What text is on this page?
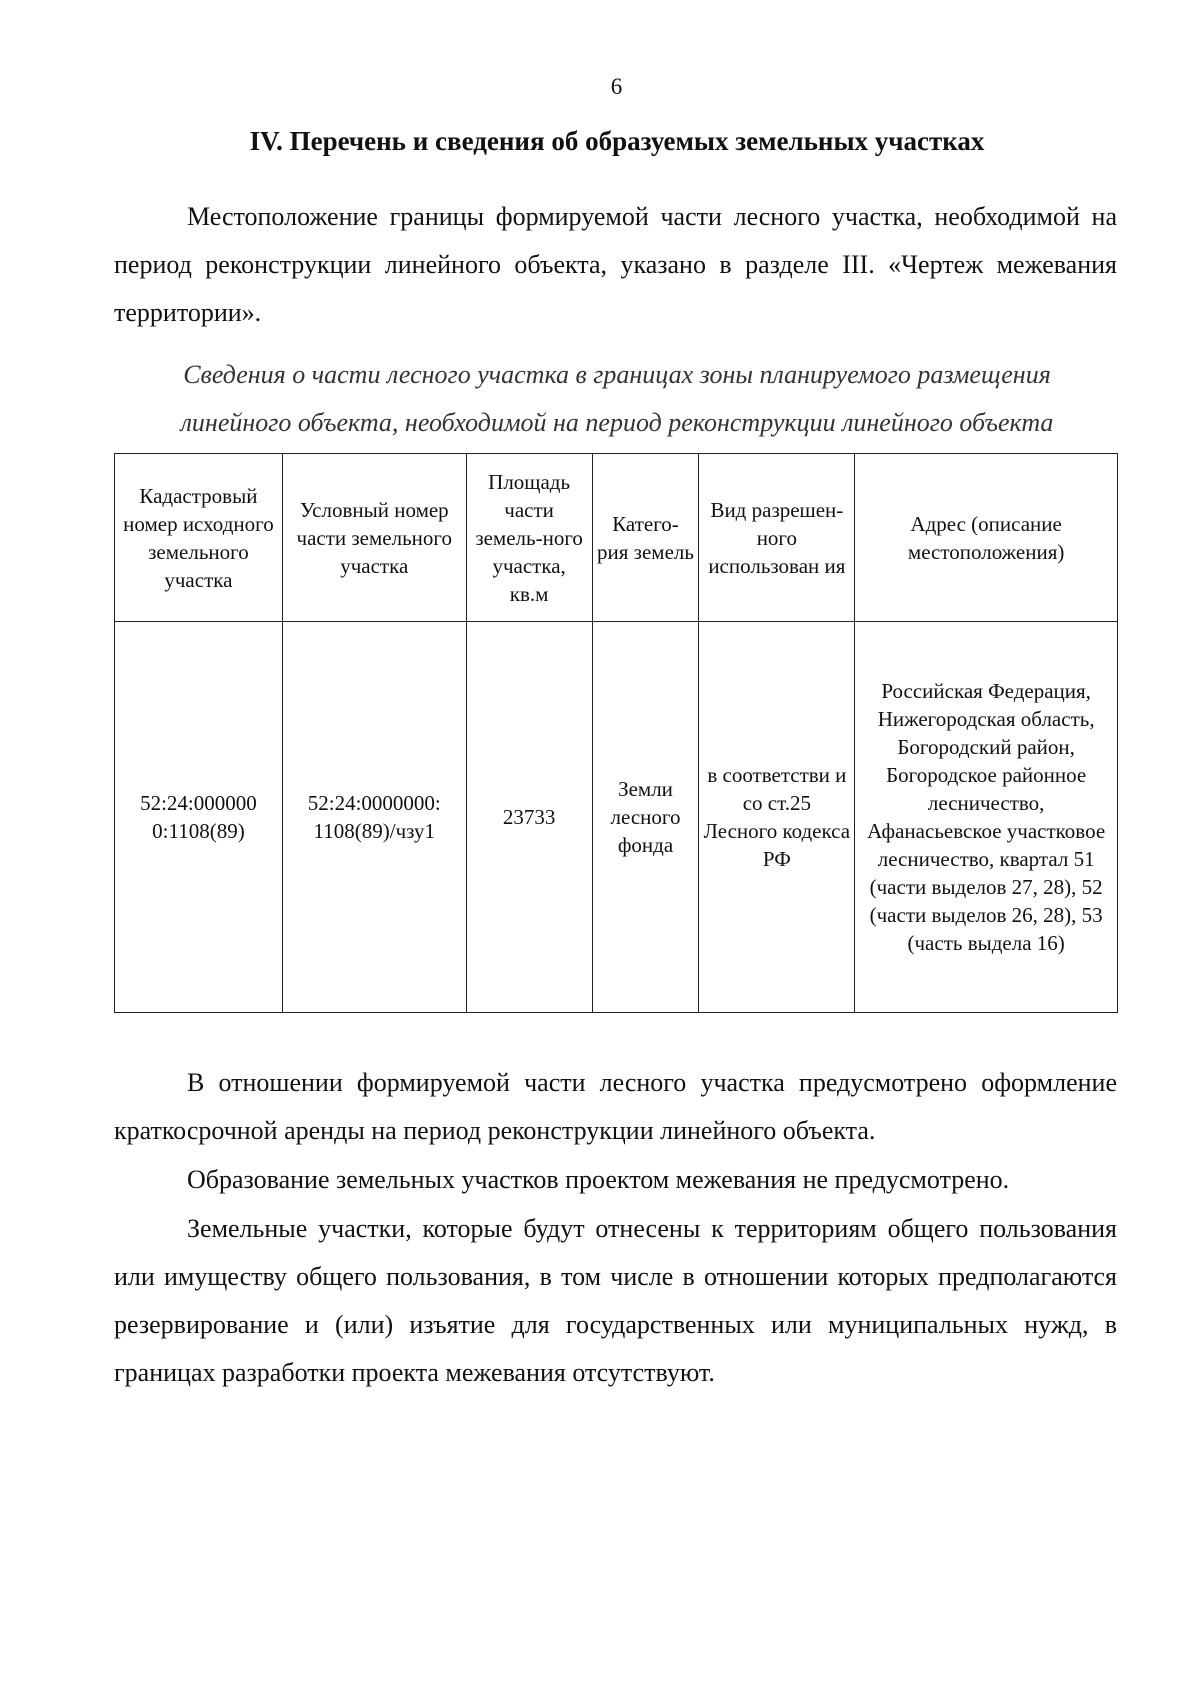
6
IV. Перечень и сведения об образуемых земельных участках

Местоположение границы формируемой части лесного участка, необходимой на период реконструкции линейного объекта, указано в разделе III. «Чертеж межевания территории».

Сведения о части лесного участка в границах зоны планируемого размещения
линейного объекта, необходимой на период реконструкции линейного объекта
Кадастровый номер исходного земельного участка	Условный номер части земельного участка	Площадь части земель-ного участка, кв.м	Катего-рия земель	Вид разрешен-ного использован ия	Адрес (описание местоположения)
52:24:000000 0:1108(89)	52:24:0000000: 1108(89)/чзу1	23733	Земли лесного фонда	в соответстви и со ст.25 Лесного кодекса РФ	Российская Федерация, Нижегородская область, Богородский район, Богородское районное лесничество, Афанасьевское участковое лесничество, квартал 51 (части выделов 27, 28), 52 (части выделов 26, 28), 53 (часть выдела 16)

В отношении формируемой части лесного участка предусмотрено оформление краткосрочной аренды на период реконструкции линейного объекта.

Образование земельных участков проектом межевания не предусмотрено.

Земельные участки, которые будут отнесены к территориям общего пользования или имуществу общего пользования, в том числе в отношении которых предполагаются резервирование и (или) изъятие для государственных или муниципальных нужд, в границах разработки проекта межевания отсутствуют.
